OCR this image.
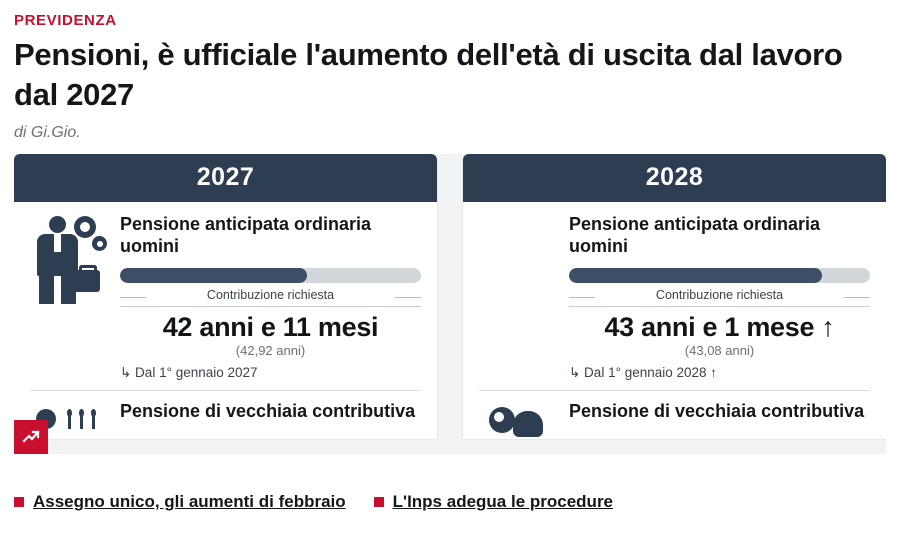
PREVIDENZA
Pensioni, è ufficiale l'aumento dell'età di uscita dal lavoro dal 2027
di Gi.Gio.
2027
Pensione anticipata ordinaria uomini
Contribuzione richiesta
42 anni e 11 mesi
(42,92 anni)
↳ Dal 1° gennaio 2027
Pensione di vecchiaia contributiva
2028
Pensione anticipata ordinaria uomini
Contribuzione richiesta
43 anni e 1 mese ↑
(43,08 anni)
↳ Dal 1° gennaio 2028 ↑
Pensione di vecchiaia contributiva
Assegno unico, gli aumenti di febbraio	L'Inps adegua le procedure
